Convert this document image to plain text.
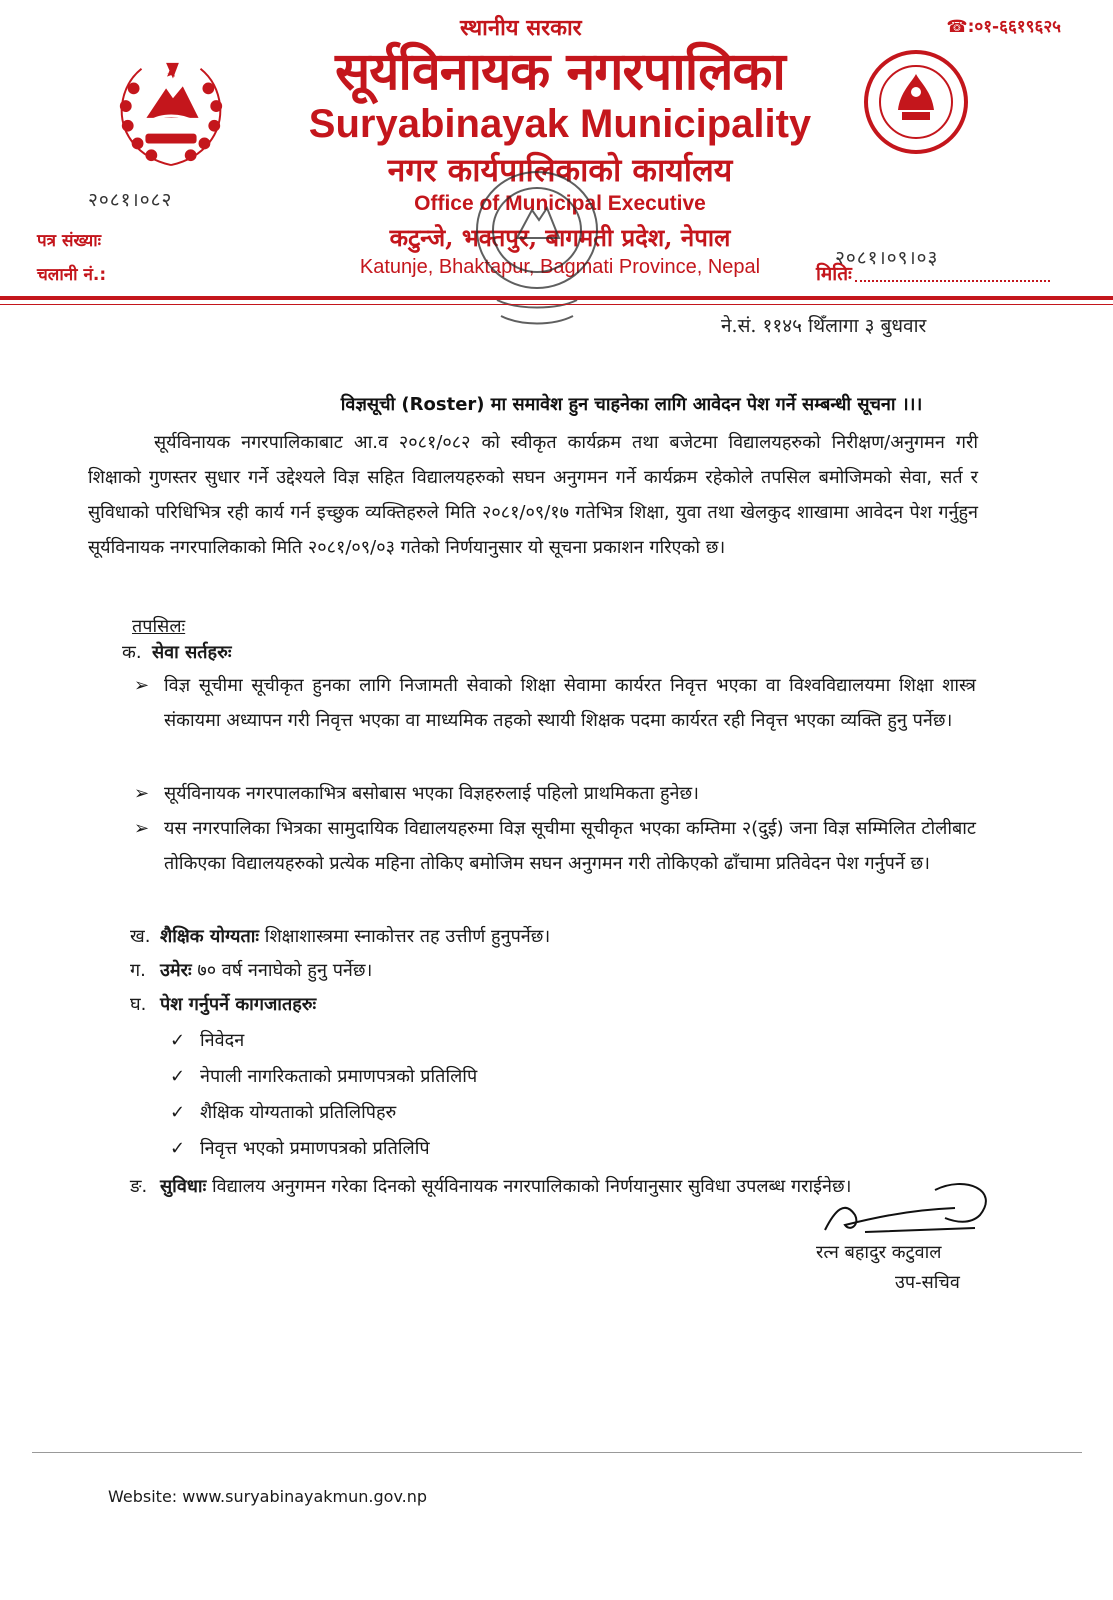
स्थानीय सरकार	☎:०१-६६१९६२५
सूर्यविनायक नगरपालिका
Suryabinayak Municipality
नगर कार्यपालिकाको कार्यालय
Office of Municipal Executive
कटुन्जे, भक्तपुर, बागमती प्रदेश, नेपाल
Katunje, Bhaktapur, Bagmati Province, Nepal
२०८१।०८२
पत्र संख्याः
चलानी नं.:
२०८१।०९।०३
मितिः
ने.सं. ११४५ थिँलागा ३ बुधवार
विज्ञसूची (Roster) मा समावेश हुन चाहनेका लागि आवेदन पेश गर्ने सम्बन्धी सूचना ।।।
सूर्यविनायक नगरपालिकाबाट आ.व २०८१/०८२ को स्वीकृत कार्यक्रम तथा बजेटमा विद्यालयहरुको निरीक्षण/अनुगमन गरी शिक्षाको गुणस्तर सुधार गर्ने उद्देश्यले विज्ञ सहित विद्यालयहरुको सघन अनुगमन गर्ने कार्यक्रम रहेकोले तपसिल बमोजिमको सेवा, सर्त र सुविधाको परिधिभित्र रही कार्य गर्न इच्छुक व्यक्तिहरुले मिति २०८१/०९/१७ गतेभित्र शिक्षा, युवा तथा खेलकुद शाखामा आवेदन पेश गर्नुहुन सूर्यविनायक नगरपालिकाको मिति २०८१/०९/०३ गतेको निर्णयानुसार यो सूचना प्रकाशन गरिएको छ।
तपसिलः
क. सेवा सर्तहरुः
➢ विज्ञ सूचीमा सूचीकृत हुनका लागि निजामती सेवाको शिक्षा सेवामा कार्यरत निवृत्त भएका वा विश्वविद्यालयमा शिक्षा शास्त्र संकायमा अध्यापन गरी निवृत्त भएका वा माध्यमिक तहको स्थायी शिक्षक पदमा कार्यरत रही निवृत्त भएका व्यक्ति हुनु पर्नेछ।
➢ सूर्यविनायक नगरपालकाभित्र बसोबास भएका विज्ञहरुलाई पहिलो प्राथमिकता हुनेछ।
➢ यस नगरपालिका भित्रका सामुदायिक विद्यालयहरुमा विज्ञ सूचीमा सूचीकृत भएका कम्तिमा २(दुई) जना विज्ञ सम्मिलित टोलीबाट तोकिएका विद्यालयहरुको प्रत्येक महिना तोकिए बमोजिम सघन अनुगमन गरी तोकिएको ढाँचामा प्रतिवेदन पेश गर्नुपर्ने छ।
ख. शैक्षिक योग्यताः शिक्षाशास्त्रमा स्नाकोत्तर तह उत्तीर्ण हुनुपर्नेछ।
ग. उमेरः ७० वर्ष ननाघेको हुनु पर्नेछ।
घ. पेश गर्नुपर्ने कागजातहरुः
✓ निवेदन
✓ नेपाली नागरिकताको प्रमाणपत्रको प्रतिलिपि
✓ शैक्षिक योग्यताको प्रतिलिपिहरु
✓ निवृत्त भएको प्रमाणपत्रको प्रतिलिपि
ङ. सुविधाः विद्यालय अनुगमन गरेका दिनको सूर्यविनायक नगरपालिकाको निर्णयानुसार सुविधा उपलब्ध गराईनेछ।
रत्न बहादुर कटुवाल
उप-सचिव
Website: www.suryabinayakmun.gov.np
